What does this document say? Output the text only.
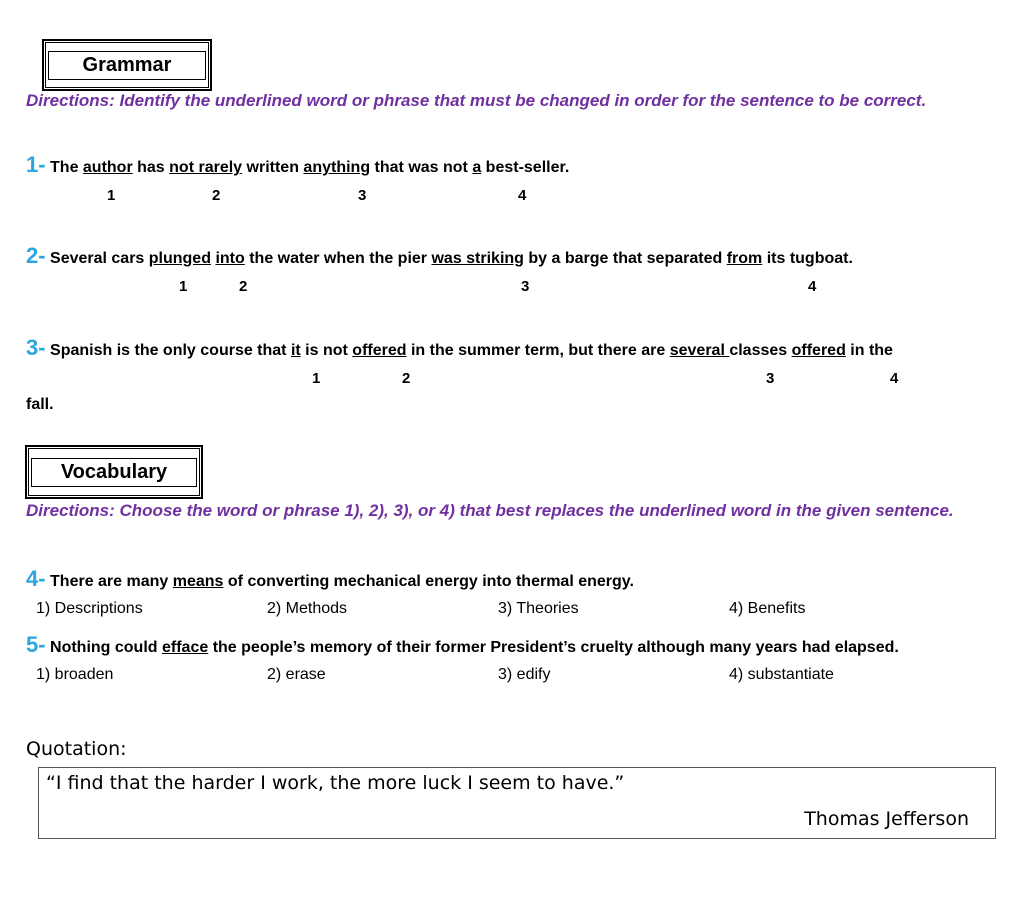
Grammar
Directions: Identify the underlined word or phrase that must be changed in order for the sentence to be correct.
1- The author has not rarely written anything that was not a best-seller.
1	2	3	4
2- Several cars plunged into the water when the pier was striking by a barge that separated from its tugboat.
1	2	3	4
3- Spanish is the only course that it is not offered in the summer term, but there are several classes offered in the
1	2	3	4
fall.
Vocabulary
Directions: Choose the word or phrase 1), 2), 3), or 4) that best replaces the underlined word in the given sentence.
4- There are many means of converting mechanical energy into thermal energy.
1) Descriptions	2) Methods	3) Theories	4) Benefits
5- Nothing could efface the people’s memory of their former President’s cruelty although many years had elapsed.
1) broaden	2) erase	3) edify	4) substantiate
Quotation:
“I find that the harder I work, the more luck I seem to have.”
Thomas Jefferson
